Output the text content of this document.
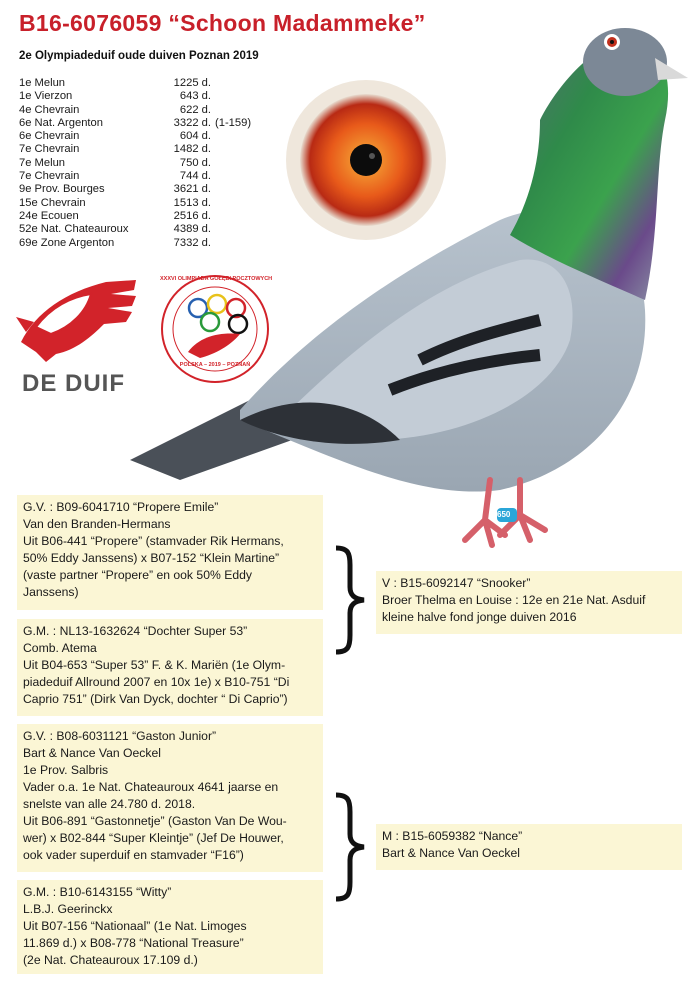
650
B16-6076059 “Schoon Madammeke”
2e Olympiadeduif oude duiven Poznan 2019
1e Melun	1225 d.
1e Vierzon	643 d.
4e Chevrain	622 d.
6e Nat. Argenton	3322 d. (1-159)
6e Chevrain	604 d.
7e Chevrain	1482 d.
7e Melun	750 d.
7e Chevrain	744 d.
9e Prov. Bourges	3621 d.
15e Chevrain	1513 d.
24e Ecouen	2516 d.
52e Nat. Chateauroux	4389 d.
69e Zone Argenton	7332 d.
DE DUIF
XXXVI OLIMPIADA GOŁĘBI POCZTOWYCH
POLSKA – 2019 – POZNAŃ
G.V. : B09-6041710 “Propere Emile”
Van den Branden-Hermans
Uit B06-441 “Propere” (stamvader Rik Hermans,
50% Eddy Janssens) x B07-152 “Klein Martine”
(vaste partner “Propere” en ook 50% Eddy
Janssens)
G.M. : NL13-1632624 “Dochter Super 53”
Comb. Atema
Uit B04-653 “Super 53” F. & K. Mariën (1e Olym-
piadeduif Allround 2007 en 10x 1e) x B10-751 “Di
Caprio 751” (Dirk Van Dyck, dochter “ Di Caprio”)
V : B15-6092147 “Snooker”
Broer Thelma en Louise : 12e en 21e Nat. Asduif
kleine halve fond jonge duiven 2016
G.V. : B08-6031121 “Gaston Junior”
Bart & Nance Van Oeckel
1e Prov. Salbris
Vader o.a. 1e Nat. Chateauroux 4641 jaarse en
snelste van alle 24.780 d. 2018.
Uit B06-891 “Gastonnetje” (Gaston Van De Wou-
wer) x B02-844 “Super Kleintje” (Jef De Houwer,
ook vader superduif en stamvader “F16”)
G.M. : B10-6143155 “Witty”
L.B.J. Geerinckx
Uit B07-156 “Nationaal” (1e Nat. Limoges
11.869 d.) x B08-778 “National Treasure”
(2e Nat. Chateauroux 17.109 d.)
M : B15-6059382 “Nance”
Bart & Nance Van Oeckel
